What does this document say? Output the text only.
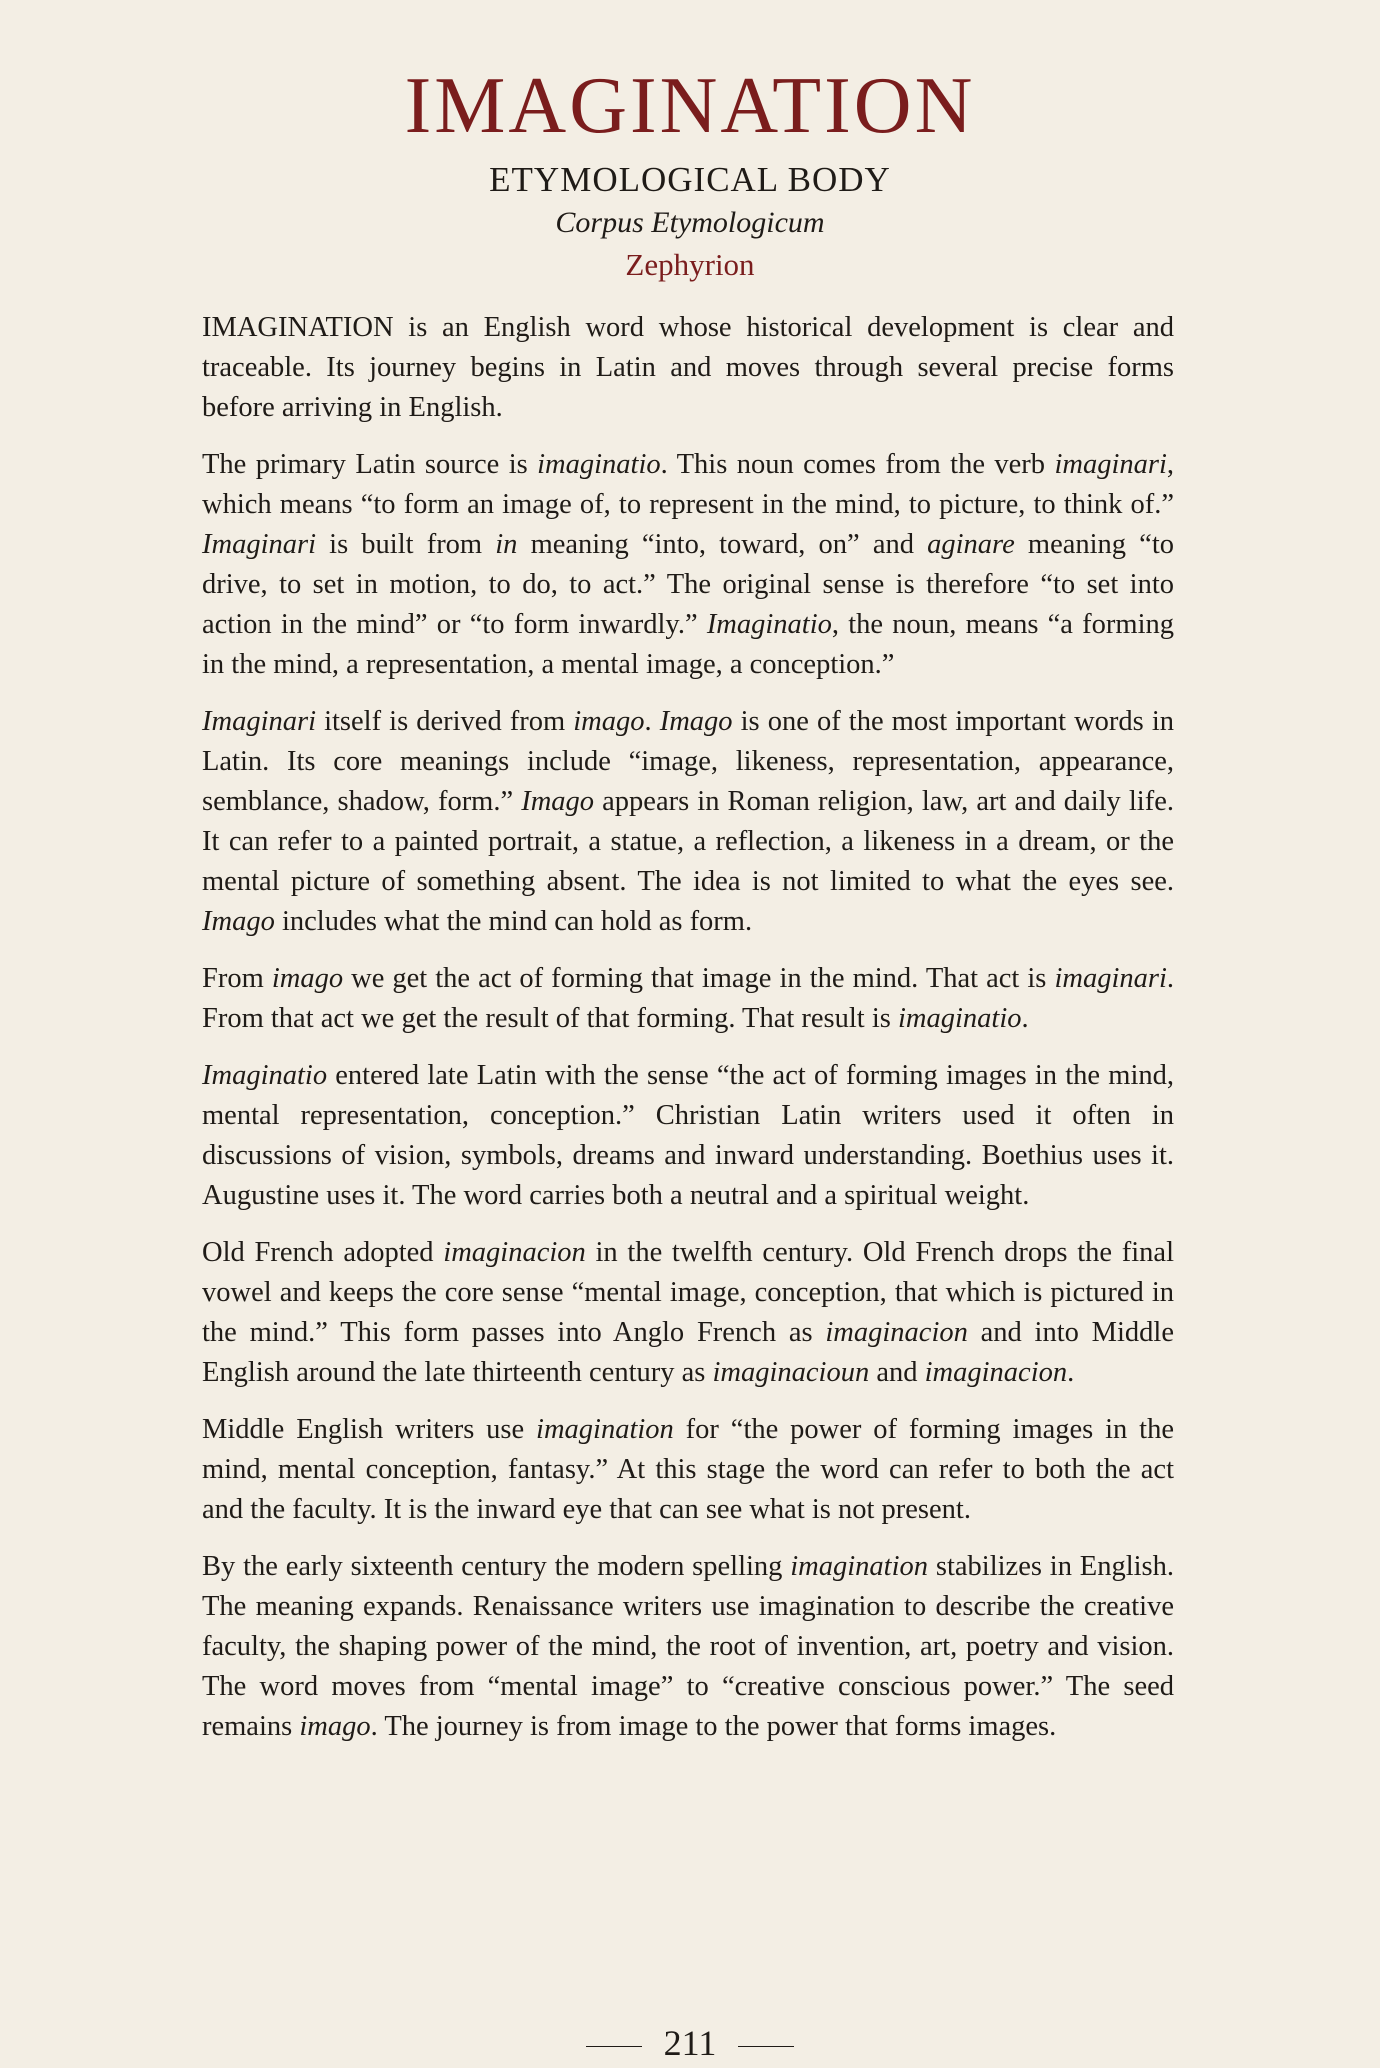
IMAGINATION
ETYMOLOGICAL BODY
Corpus Etymologicum
Zephyrion

IMAGINATION is an English word whose historical development is clear and traceable. Its journey begins in Latin and moves through several precise forms before arriving in English.

The primary Latin source is imaginatio. This noun comes from the verb imaginari, which means “to form an image of, to represent in the mind, to picture, to think of.” Imaginari is built from in meaning “into, toward, on” and aginare meaning “to drive, to set in motion, to do, to act.” The original sense is therefore “to set into action in the mind” or “to form inwardly.” Imaginatio, the noun, means “a forming in the mind, a representation, a mental image, a conception.”

Imaginari itself is derived from imago. Imago is one of the most important words in Latin. Its core meanings include “image, likeness, representation, appearance, semblance, shadow, form.” Imago appears in Roman religion, law, art and daily life. It can refer to a painted portrait, a statue, a reflection, a likeness in a dream, or the mental picture of something absent. The idea is not limited to what the eyes see. Imago includes what the mind can hold as form.

From imago we get the act of forming that image in the mind. That act is imaginari. From that act we get the result of that forming. That result is imaginatio.

Imaginatio entered late Latin with the sense “the act of forming images in the mind, mental representation, conception.” Christian Latin writers used it often in discussions of vision, symbols, dreams and inward understanding. Boethius uses it. Augustine uses it. The word carries both a neutral and a spiritual weight.

Old French adopted imaginacion in the twelfth century. Old French drops the final vowel and keeps the core sense “mental image, conception, that which is pictured in the mind.” This form passes into Anglo French as imaginacion and into Middle English around the late thirteenth century as imaginacioun and imaginacion.

Middle English writers use imagination for “the power of forming images in the mind, mental conception, fantasy.” At this stage the word can refer to both the act and the faculty. It is the inward eye that can see what is not present.

By the early sixteenth century the modern spelling imagination stabilizes in English. The meaning expands. Renaissance writers use imagination to describe the creative faculty, the shaping power of the mind, the root of invention, art, poetry and vision. The word moves from “mental image” to “creative conscious power.” The seed remains imago. The journey is from image to the power that forms images.

211
